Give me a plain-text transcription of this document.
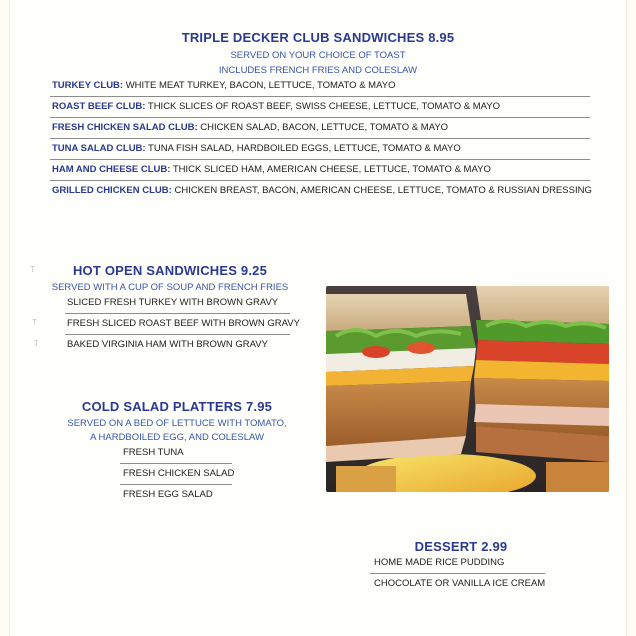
TRIPLE DECKER CLUB SANDWICHES 8.95
SERVED ON YOUR CHOICE OF TOAST
INCLUDES FRENCH FRIES AND COLESLAW
TURKEY CLUB: WHITE MEAT TURKEY, BACON, LETTUCE, TOMATO & MAYO
ROAST BEEF CLUB: THICK SLICES OF ROAST BEEF, SWISS CHEESE, LETTUCE, TOMATO & MAYO
FRESH CHICKEN SALAD CLUB: CHICKEN SALAD, BACON, LETTUCE, TOMATO & MAYO
TUNA SALAD CLUB: TUNA FISH SALAD, HARDBOILED EGGS, LETTUCE, TOMATO & MAYO
HAM AND CHEESE CLUB: THICK SLICED HAM, AMERICAN CHEESE, LETTUCE, TOMATO & MAYO
GRILLED CHICKEN CLUB: CHICKEN BREAST, BACON, AMERICAN CHEESE, LETTUCE, TOMATO & RUSSIAN DRESSING
T
T
T
HOT OPEN SANDWICHES 9.25
SERVED WITH A CUP OF SOUP AND FRENCH FRIES
SLICED FRESH TURKEY WITH BROWN GRAVY
FRESH SLICED ROAST BEEF WITH BROWN GRAVY
BAKED VIRGINIA HAM WITH BROWN GRAVY
COLD SALAD PLATTERS 7.95
SERVED ON A BED OF LETTUCE WITH TOMATO,
A HARDBOILED EGG, AND COLESLAW
FRESH TUNA
FRESH CHICKEN SALAD
FRESH EGG SALAD
DESSERT 2.99
HOME MADE RICE PUDDING
CHOCOLATE OR VANILLA ICE CREAM
